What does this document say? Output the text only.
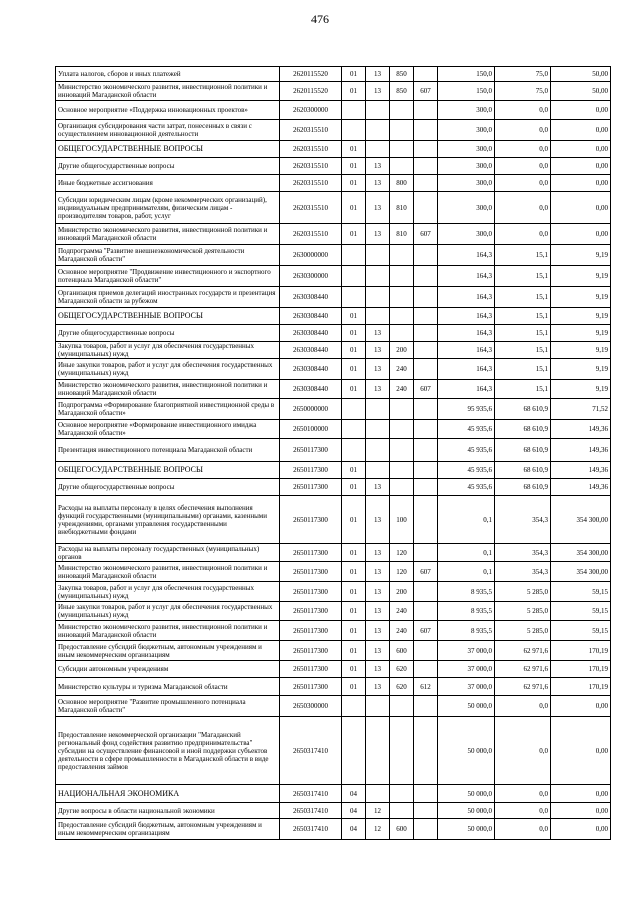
476
Уплата налогов, сборов и иных платежей	2620115520	01	13	850		150,0	75,0	50,00
Министерство экономического развития, инвестиционной политики и инноваций Магаданской области	2620115520	01	13	850	607	150,0	75,0	50,00
Основное мероприятие «Поддержка инновационных проектов»	2620300000					300,0	0,0	0,00
Организация субсидирования части затрат, понесенных в связи с осуществлением инновационной деятельности	2620315510					300,0	0,0	0,00
ОБЩЕГОСУДАРСТВЕННЫЕ ВОПРОСЫ	2620315510	01				300,0	0,0	0,00
Другие общегосударственные вопросы	2620315510	01	13			300,0	0,0	0,00
Иные бюджетные ассигнования	2620315510	01	13	800		300,0	0,0	0,00
Субсидии юридическим лицам (кроме некоммерческих организаций), индивидуальным предпринимателям, физическим лицам - производителям товаров, работ, услуг	2620315510	01	13	810		300,0	0,0	0,00
Министерство экономического развития, инвестиционной политики и инноваций Магаданской области	2620315510	01	13	810	607	300,0	0,0	0,00
Подпрограмма "Развитие внешнеэкономической деятельности Магаданской области"	2630000000					164,3	15,1	9,19
Основное мероприятие "Продвижение инвестиционного и экспортного потенциала Магаданской области"	2630300000					164,3	15,1	9,19
Организация приемов делегаций иностранных государств и презентация Магаданской области за рубежом	2630308440					164,3	15,1	9,19
ОБЩЕГОСУДАРСТВЕННЫЕ ВОПРОСЫ	2630308440	01				164,3	15,1	9,19
Другие общегосударственные вопросы	2630308440	01	13			164,3	15,1	9,19
Закупка товаров, работ и услуг для обеспечения государственных (муниципальных) нужд	2630308440	01	13	200		164,3	15,1	9,19
Иные закупки товаров, работ и услуг для обеспечения государственных (муниципальных) нужд	2630308440	01	13	240		164,3	15,1	9,19
Министерство экономического развития, инвестиционной политики и инноваций Магаданской области	2630308440	01	13	240	607	164,3	15,1	9,19
Подпрограмма «Формирование благоприятной инвестиционной среды в Магаданской области»	2650000000					95 935,6	68 610,9	71,52
Основное мероприятие «Формирование инвестиционного имиджа Магаданской области»	2650100000					45 935,6	68 610,9	149,36
Презентация инвестиционного потенциала Магаданской области	2650117300					45 935,6	68 610,9	149,36
ОБЩЕГОСУДАРСТВЕННЫЕ ВОПРОСЫ	2650117300	01				45 935,6	68 610,9	149,36
Другие общегосударственные вопросы	2650117300	01	13			45 935,6	68 610,9	149,36
Расходы на выплаты персоналу в целях обеспечения выполнения функций государственными (муниципальными) органами, казенными учреждениями, органами управления государственными внебюджетными фондами	2650117300	01	13	100		0,1	354,3	354 300,00
Расходы на выплаты персоналу государственных (муниципальных) органов	2650117300	01	13	120		0,1	354,3	354 300,00
Министерство экономического развития, инвестиционной политики и инноваций Магаданской области	2650117300	01	13	120	607	0,1	354,3	354 300,00
Закупка товаров, работ и услуг для обеспечения государственных (муниципальных) нужд	2650117300	01	13	200		8 935,5	5 285,0	59,15
Иные закупки товаров, работ и услуг для обеспечения государственных (муниципальных) нужд	2650117300	01	13	240		8 935,5	5 285,0	59,15
Министерство экономического развития, инвестиционной политики и инноваций Магаданской области	2650117300	01	13	240	607	8 935,5	5 285,0	59,15
Предоставление субсидий бюджетным, автономным учреждениям и иным некоммерческим организациям	2650117300	01	13	600		37 000,0	62 971,6	170,19
Субсидии автономным учреждениям	2650117300	01	13	620		37 000,0	62 971,6	170,19
Министерство культуры и туризма Магаданской области	2650117300	01	13	620	612	37 000,0	62 971,6	170,19
Основное мероприятие "Развитие промышленного потенциала Магаданской области"	2650300000					50 000,0	0,0	0,00
Предоставление некоммерческой организации "Магаданский региональный фонд содействия развитию предпринимательства" субсидии на осуществление финансовой и иной поддержки субъектов деятельности в сфере промышленности в Магаданской области в виде предоставления займов	2650317410					50 000,0	0,0	0,00
НАЦИОНАЛЬНАЯ ЭКОНОМИКА	2650317410	04				50 000,0	0,0	0,00
Другие вопросы в области национальной экономики	2650317410	04	12			50 000,0	0,0	0,00
Предоставление субсидий бюджетным, автономным учреждениям и иным некоммерческим организациям	2650317410	04	12	600		50 000,0	0,0	0,00
